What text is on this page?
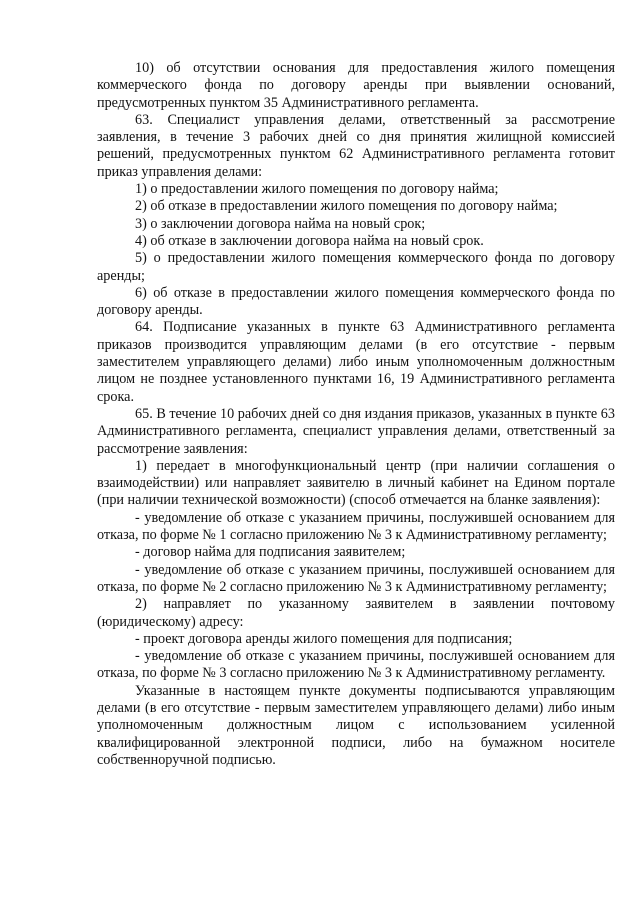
10) об отсутствии основания для предоставления жилого помещения коммерческого фонда по договору аренды при выявлении оснований, предусмотренных пунктом 35 Административного регламента.

63. Специалист управления делами, ответственный за рассмотрение заявления, в течение 3 рабочих дней со дня принятия жилищной комиссией решений, предусмотренных пунктом 62 Административного регламента готовит приказ управления делами:

1) о предоставлении жилого помещения по договору найма;

2) об отказе в предоставлении жилого помещения по договору найма;

3) о заключении договора найма на новый срок;

4) об отказе в заключении договора найма на новый срок.

5) о предоставлении жилого помещения коммерческого фонда по договору аренды;

6) об отказе в предоставлении жилого помещения коммерческого фонда по договору аренды.

64. Подписание указанных в пункте 63 Административного регламента приказов производится управляющим делами (в его отсутствие - первым заместителем управляющего делами) либо иным уполномоченным должностным лицом не позднее установленного пунктами 16, 19 Административного регламента срока.

65. В течение 10 рабочих дней со дня издания приказов, указанных в пункте 63 Административного регламента, специалист управления делами, ответственный за рассмотрение заявления:

1) передает в многофункциональный центр (при наличии соглашения о взаимодействии) или направляет заявителю в личный кабинет на Едином портале (при наличии технической возможности) (способ отмечается на бланке заявления):

- уведомление об отказе с указанием причины, послужившей основанием для отказа, по форме № 1 согласно приложению № 3 к Административному регламенту;

- договор найма для подписания заявителем;

- уведомление об отказе с указанием причины, послужившей основанием для отказа, по форме № 2 согласно приложению № 3 к Административному регламенту;

2) направляет по указанному заявителем в заявлении почтовому (юридическому) адресу:

- проект договора аренды жилого помещения для подписания;

- уведомление об отказе с указанием причины, послужившей основанием для отказа, по форме № 3 согласно приложению № 3 к Административному регламенту.

Указанные в настоящем пункте документы подписываются управляющим делами (в его отсутствие - первым заместителем управляющего делами) либо иным уполномоченным должностным лицом с использованием усиленной квалифицированной электронной подписи, либо на бумажном носителе собственноручной подписью.
